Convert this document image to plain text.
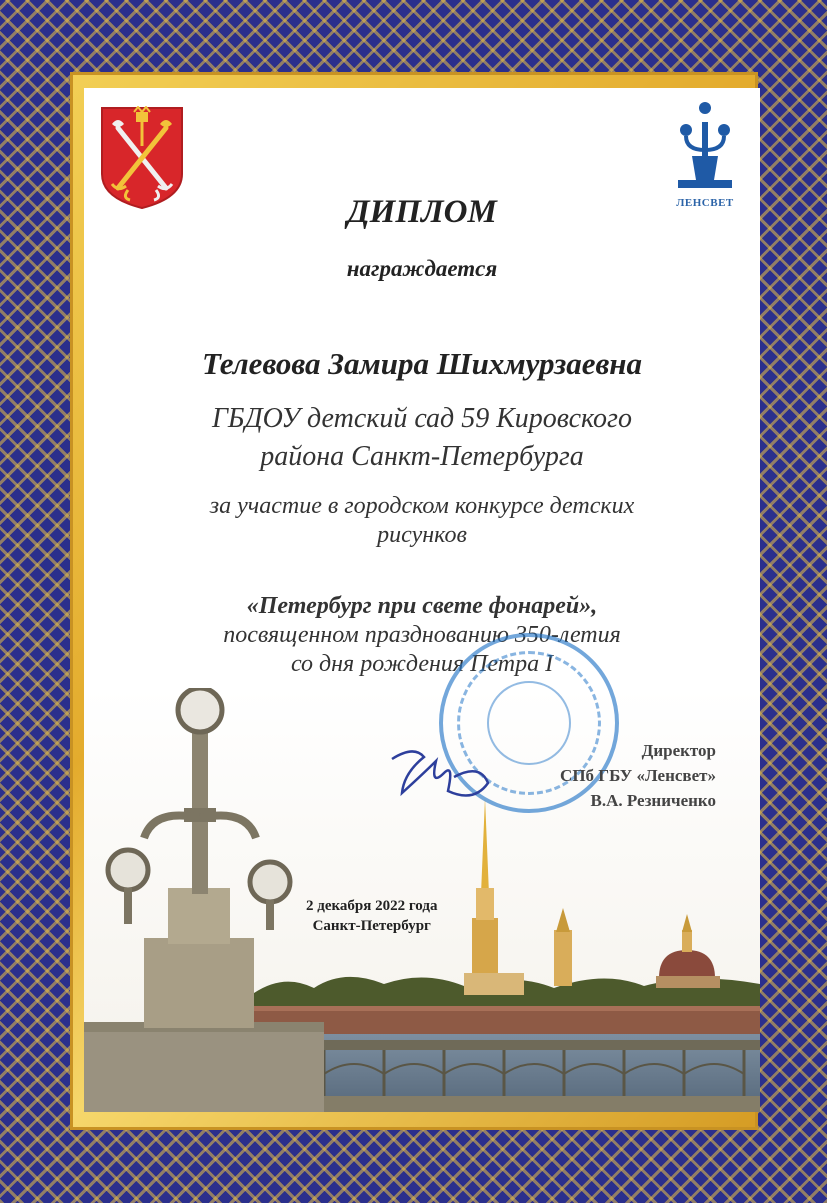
ЛЕНСВЕТ
ДИПЛОМ
награждается
Телевова Замира Шихмурзаевна
ГБДОУ детский сад 59 Кировского
района Санкт-Петербурга
за участие в городском конкурсе детских
рисунков
«Петербург при свете фонарей»,
посвященном празднованию 350-летия
со дня рождения Петра I
Директор
СПб ГБУ «Ленсвет»
В.А. Резниченко
2 декабря 2022 года
Санкт-Петербург
